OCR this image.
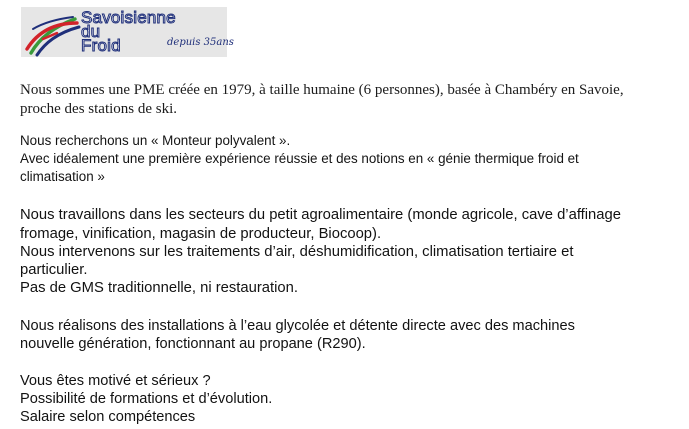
Savoisienne
du
Froid	depuis 35ans
Nous sommes une PME créée en 1979, à taille humaine (6 personnes), basée à Chambéry en Savoie,
proche des stations de ski.
Nous recherchons un « Monteur polyvalent ».
Avec idéalement une première expérience réussie et des notions en « génie thermique froid et
climatisation »
Nous travaillons dans les secteurs du petit agroalimentaire (monde agricole, cave d’affinage
fromage, vinification, magasin de producteur, Biocoop).
Nous intervenons sur les traitements d’air, déshumidification, climatisation tertiaire et
particulier.
Pas de GMS traditionnelle, ni restauration.
Nous réalisons des installations à l’eau glycolée et détente directe avec des machines
nouvelle génération, fonctionnant au propane (R290).
Vous êtes motivé et sérieux ?
Possibilité de formations et d’évolution.
Salaire selon compétences
